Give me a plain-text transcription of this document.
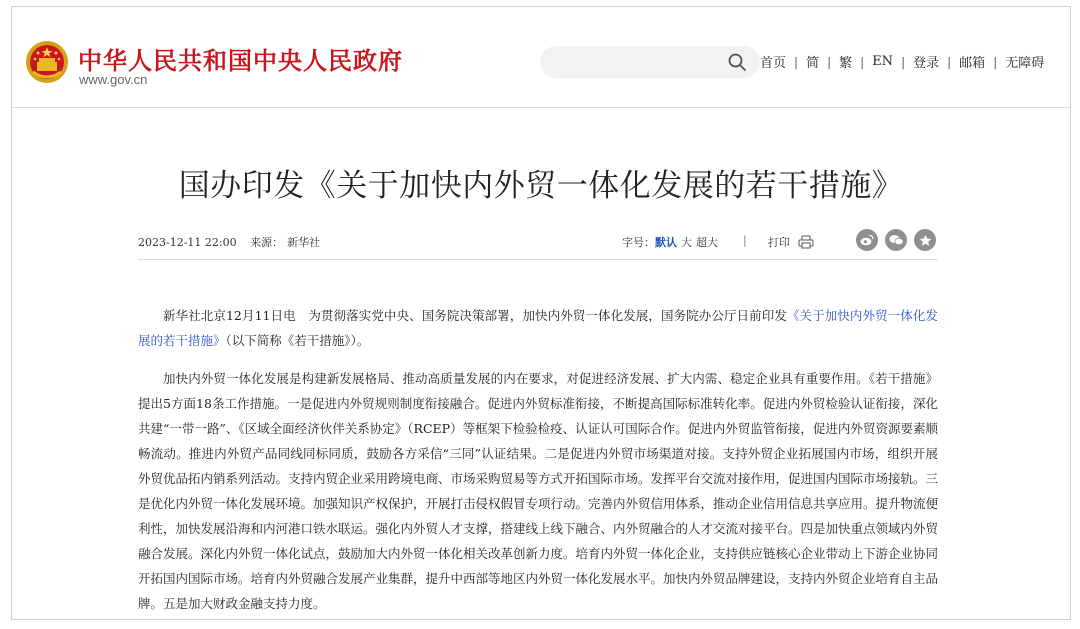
中华人民共和国中央人民政府
www.gov.cn
首页 | 简 | 繁 | EN | 登录 | 邮箱 | 无障碍
国办印发《关于加快内外贸一体化发展的若干措施》
2023-12-11 22:00 来源： 新华社	字号：默认 大 超大	| 打印

新华社北京12月11日电　为贯彻落实党中央、国务院决策部署，加快内外贸一体化发展，国务院办公厅日前印发《关于加快内外贸一体化发展的若干措施》（以下简称《若干措施》）。

加快内外贸一体化发展是构建新发展格局、推动高质量发展的内在要求，对促进经济发展、扩大内需、稳定企业具有重要作用。《若干措施》提出5方面18条工作措施。一是促进内外贸规则制度衔接融合。促进内外贸标准衔接，不断提高国际标准转化率。促进内外贸检验认证衔接，深化共建“一带一路”、《区域全面经济伙伴关系协定》（RCEP）等框架下检验检疫、认证认可国际合作。促进内外贸监管衔接，促进内外贸资源要素顺畅流动。推进内外贸产品同线同标同质，鼓励各方采信“三同”认证结果。二是促进内外贸市场渠道对接。支持外贸企业拓展国内市场，组织开展外贸优品拓内销系列活动。支持内贸企业采用跨境电商、市场采购贸易等方式开拓国际市场。发挥平台交流对接作用，促进国内国际市场接轨。三是优化内外贸一体化发展环境。加强知识产权保护，开展打击侵权假冒专项行动。完善内外贸信用体系，推动企业信用信息共享应用。提升物流便利性，加快发展沿海和内河港口铁水联运。强化内外贸人才支撑，搭建线上线下融合、内外贸融合的人才交流对接平台。四是加快重点领域内外贸融合发展。深化内外贸一体化试点，鼓励加大内外贸一体化相关改革创新力度。培育内外贸一体化企业，支持供应链核心企业带动上下游企业协同开拓国内国际市场。培育内外贸融合发展产业集群，提升中西部等地区内外贸一体化发展水平。加快内外贸品牌建设，支持内外贸企业培育自主品牌。五是加大财政金融支持力度。
